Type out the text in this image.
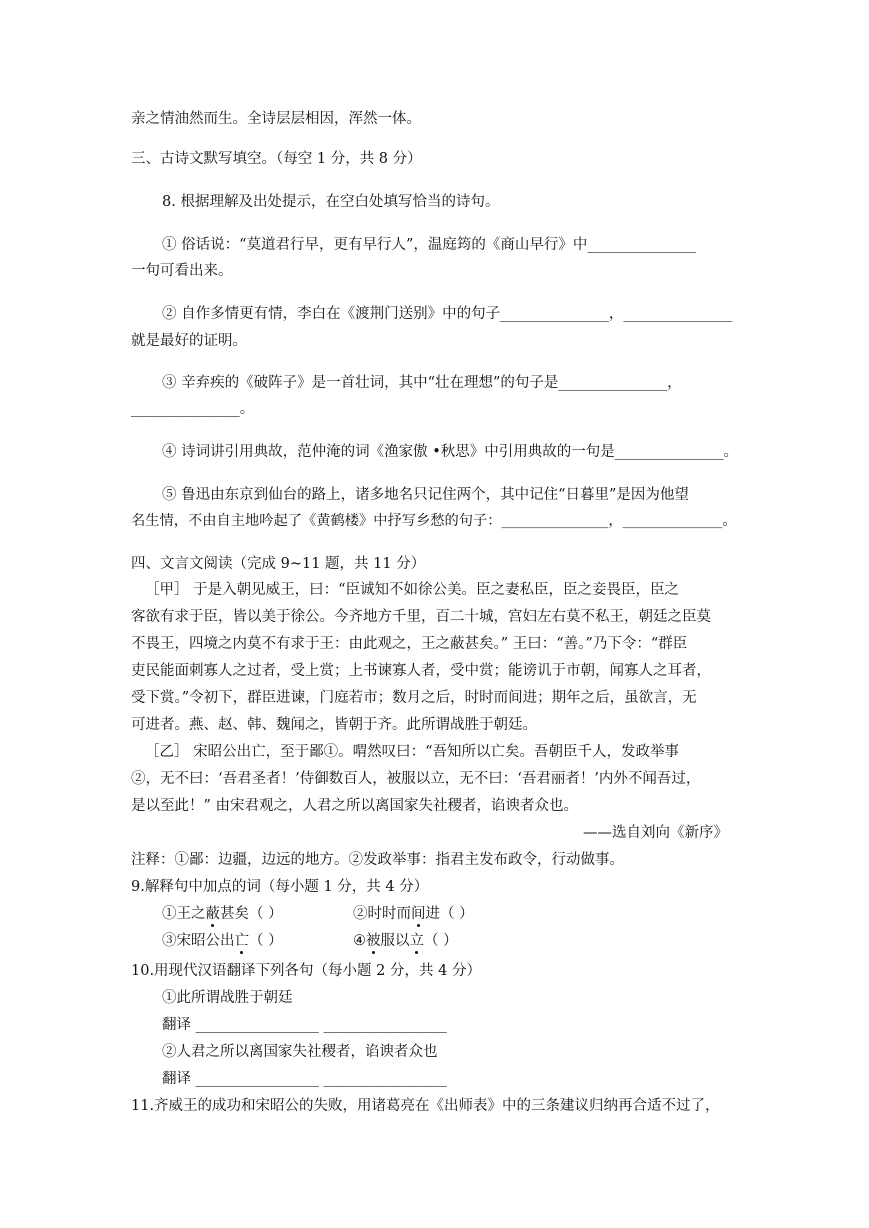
亲之情油然而生。全诗层层相因，浑然一体。
三、古诗文默写填空。（每空 1 分，共 8 分）
8. 根据理解及出处提示，在空白处填写恰当的诗句。
① 俗话说：“莫道君行早，更有早行人”，温庭筠的《商山早行》中_______________
一句可看出来。
② 自作多情更有情，李白在《渡荆门送别》中的句子_______________，_______________
就是最好的证明。
③ 辛弃疾的《破阵子》是一首壮词，其中“壮在理想”的句子是_______________，
_______________。
④ 诗词讲引用典故，范仲淹的词《渔家傲 •秋思》中引用典故的一句是_______________。
⑤ 鲁迅由东京到仙台的路上，诸多地名只记住两个，其中记住“日暮里”是因为他望
名生情，不由自主地吟起了《黄鹤楼》中抒写乡愁的句子：_______________，______________。
四、文言文阅读（完成 9~11 题，共 11 分）
［甲］ 于是入朝见威王，曰：“臣诚知不如徐公美。臣之妻私臣，臣之妾畏臣，臣之
客欲有求于臣，皆以美于徐公。今齐地方千里，百二十城，宫妇左右莫不私王，朝廷之臣莫
不畏王，四境之内莫不有求于王：由此观之，王之蔽甚矣。” 王曰：“善。”乃下令：“群臣
吏民能面刺寡人之过者，受上赏；上书谏寡人者，受中赏；能谤讥于市朝，闻寡人之耳者，
受下赏。”令初下，群臣进谏，门庭若市；数月之后，时时而间进；期年之后，虽欲言，无
可进者。燕、赵、韩、魏闻之，皆朝于齐。此所谓战胜于朝廷。
［乙］ 宋昭公出亡，至于鄙①。喟然叹曰：“吾知所以亡矣。吾朝臣千人，发政举事
②，无不曰：‘吾君圣者！’侍御数百人，被服以立，无不曰：‘吾君丽者！’内外不闻吾过，
是以至此！” 由宋君观之，人君之所以离国家失社稷者，谄谀者众也。
——选自刘向《新序》
注释：①鄙：边疆，边远的地方。②发政举事：指君主发布政令，行动做事。
9.解释句中加点的词（每小题 1 分，共 4 分）
①王之蔽甚矣（ ）	②时时而间进（ ）
③宋昭公出亡（ ）	④被服以立（ ）
10.用现代汉语翻译下列各句（每小题 2 分，共 4 分）
①此所谓战胜于朝廷
翻译 _________________ _________________
②人君之所以离国家失社稷者，谄谀者众也
翻译 _________________ _________________
11.齐威王的成功和宋昭公的失败，用诸葛亮在《出师表》中的三条建议归纳再合适不过了，
